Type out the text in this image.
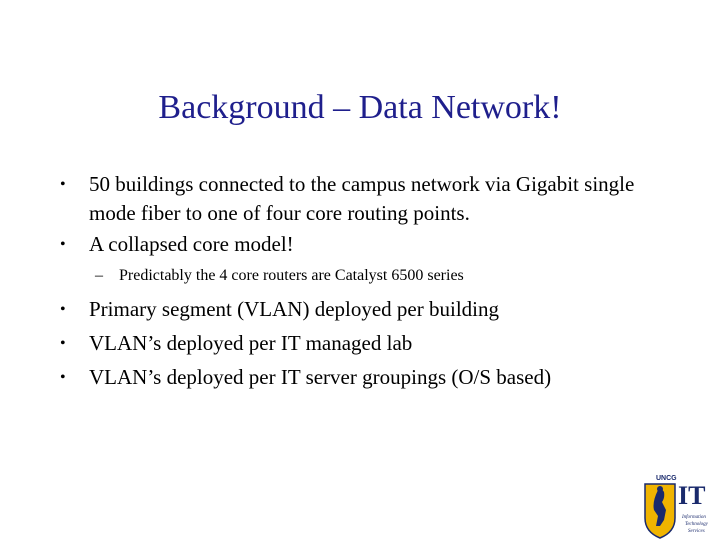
Background – Data Network!
•	50 buildings connected to the campus network via Gigabit single mode fiber to one of four core routing points.
•	A collapsed core model!
– Predictably the 4 core routers are Catalyst 6500 series
•	Primary segment (VLAN) deployed per building
•	VLAN’s deployed per IT managed lab
•	VLAN’s deployed per IT server groupings (O/S based)
UNCG
IT
Information
Technology
Services
